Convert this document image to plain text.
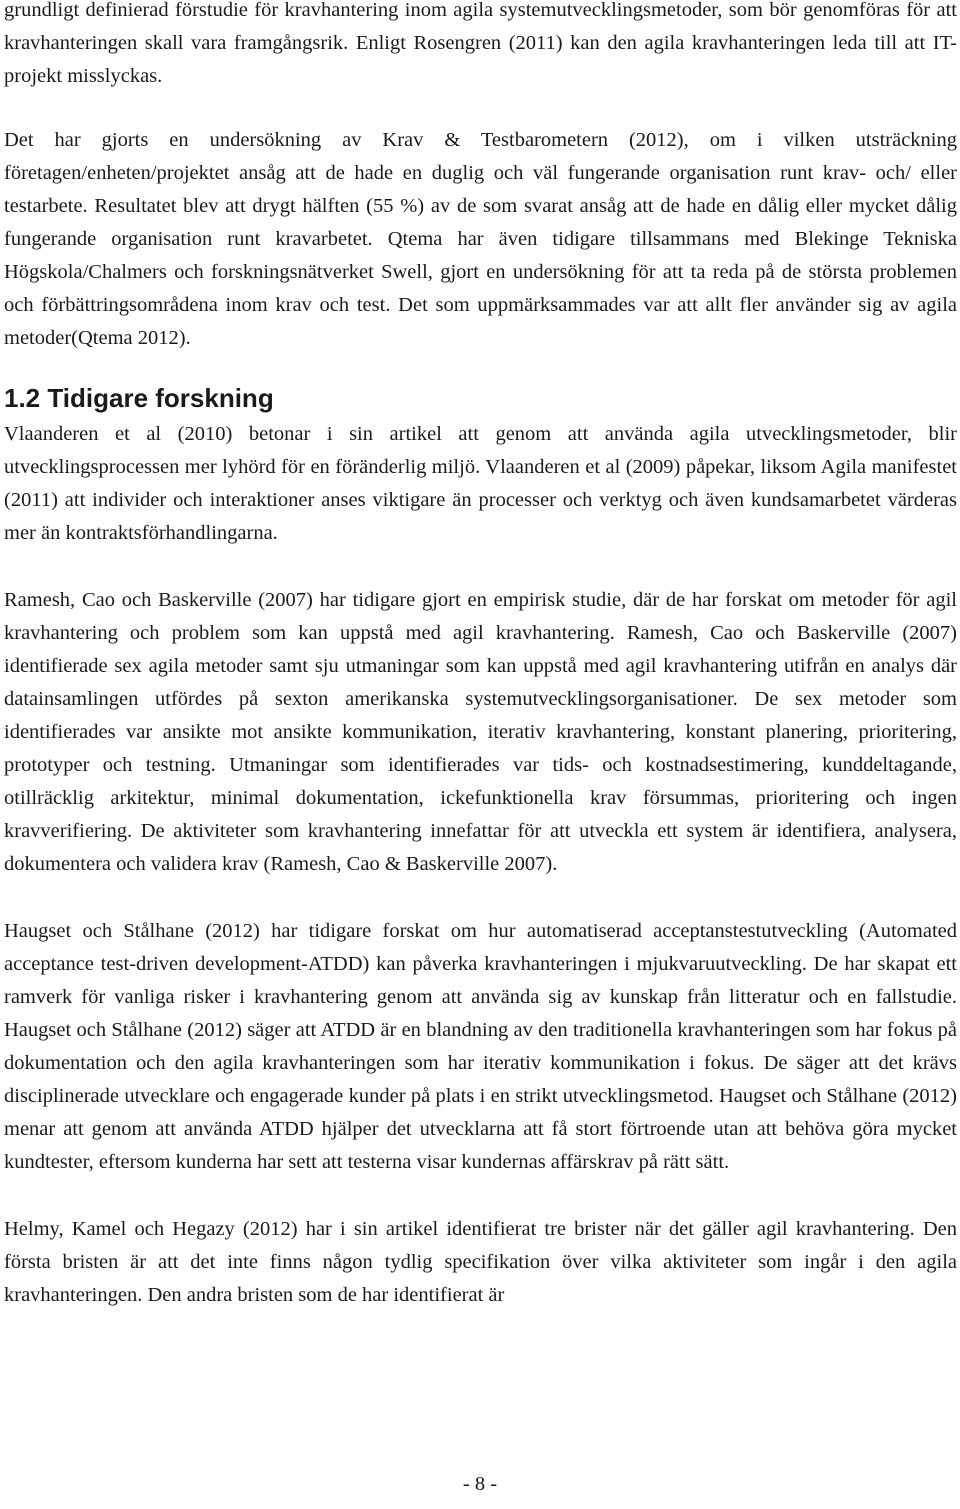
grundligt definierad förstudie för kravhantering inom agila systemutvecklingsmetoder, som bör genomföras för att kravhanteringen skall vara framgångsrik. Enligt Rosengren (2011) kan den agila kravhanteringen leda till att IT-projekt misslyckas.

Det har gjorts en undersökning av Krav & Testbarometern (2012), om i vilken utsträckning företagen/enheten/projektet ansåg att de hade en duglig och väl fungerande organisation runt krav- och/ eller testarbete. Resultatet blev att drygt hälften (55 %) av de som svarat ansåg att de hade en dålig eller mycket dålig fungerande organisation runt kravarbetet. Qtema har även tidigare tillsammans med Blekinge Tekniska Högskola/Chalmers och forskningsnätverket Swell, gjort en undersökning för att ta reda på de största problemen och förbättringsområdena inom krav och test. Det som uppmärksammades var att allt fler använder sig av agila metoder(Qtema 2012).

1.2 Tidigare forskning

Vlaanderen et al (2010) betonar i sin artikel att genom att använda agila utvecklingsmetoder, blir utvecklingsprocessen mer lyhörd för en föränderlig miljö. Vlaanderen et al (2009) påpekar, liksom Agila manifestet (2011) att individer och interaktioner anses viktigare än processer och verktyg och även kundsamarbetet värderas mer än kontraktsförhandlingarna.

Ramesh, Cao och Baskerville (2007) har tidigare gjort en empirisk studie, där de har forskat om metoder för agil kravhantering och problem som kan uppstå med agil kravhantering. Ramesh, Cao och Baskerville (2007) identifierade sex agila metoder samt sju utmaningar som kan uppstå med agil kravhantering utifrån en analys där datainsamlingen utfördes på sexton amerikanska systemutvecklingsorganisationer. De sex metoder som identifierades var ansikte mot ansikte kommunikation, iterativ kravhantering, konstant planering, prioritering, prototyper och testning. Utmaningar som identifierades var tids- och kostnadsestimering, kunddeltagande, otillräcklig arkitektur, minimal dokumentation, ickefunktionella krav försummas, prioritering och ingen kravverifiering. De aktiviteter som kravhantering innefattar för att utveckla ett system är identifiera, analysera, dokumentera och validera krav (Ramesh, Cao & Baskerville 2007).

Haugset och Stålhane (2012) har tidigare forskat om hur automatiserad acceptanstestutveckling (Automated acceptance test-driven development-ATDD) kan påverka kravhanteringen i mjukvaruutveckling. De har skapat ett ramverk för vanliga risker i kravhantering genom att använda sig av kunskap från litteratur och en fallstudie. Haugset och Stålhane (2012) säger att ATDD är en blandning av den traditionella kravhanteringen som har fokus på dokumentation och den agila kravhanteringen som har iterativ kommunikation i fokus. De säger att det krävs disciplinerade utvecklare och engagerade kunder på plats i en strikt utvecklingsmetod. Haugset och Stålhane (2012) menar att genom att använda ATDD hjälper det utvecklarna att få stort förtroende utan att behöva göra mycket kundtester, eftersom kunderna har sett att testerna visar kundernas affärskrav på rätt sätt.

Helmy, Kamel och Hegazy (2012) har i sin artikel identifierat tre brister när det gäller agil kravhantering. Den första bristen är att det inte finns någon tydlig specifikation över vilka aktiviteter som ingår i den agila kravhanteringen. Den andra bristen som de har identifierat är

- 8 -
